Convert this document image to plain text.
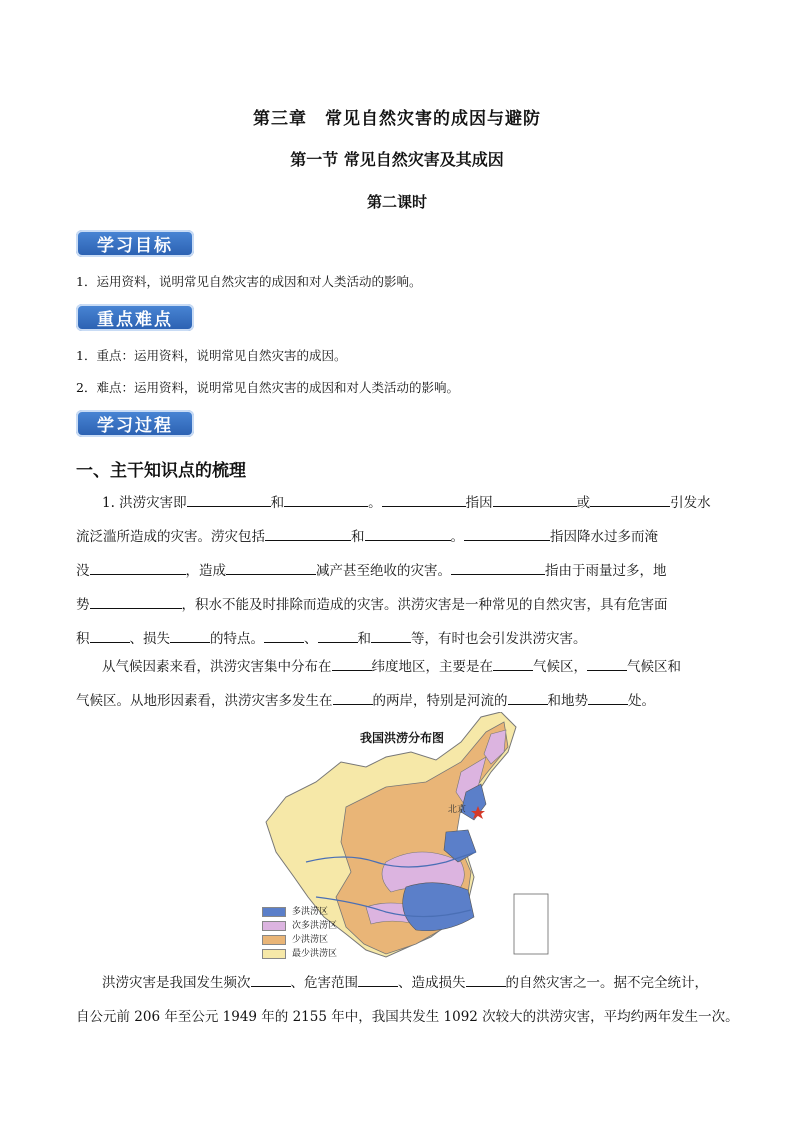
第三章　常见自然灾害的成因与避防
第一节 常见自然灾害及其成因
第二课时
学习目标
1．运用资料，说明常见自然灾害的成因和对人类活动的影响。
重点难点
1．重点：运用资料，说明常见自然灾害的成因。
2．难点：运用资料，说明常见自然灾害的成因和对人类活动的影响。
学习过程
一、主干知识点的梳理

1. 洪涝灾害即	和	。	指因	或	引发水

流泛滥所造成的灾害。涝灾包括	和	。	指因降水过多而淹

没	，造成	减产甚至绝收的灾害。	指由于雨量过多，地

势	，积水不能及时排除而造成的灾害。洪涝灾害是一种常见的自然灾害，具有危害面

积	、损失	的特点。	、	和	等，有时也会引发洪涝灾害。

从气候因素来看，洪涝灾害集中分布在	纬度地区，主要是在	气候区，	气候区和

气候区。从地形因素看，洪涝灾害多发生在	的两岸，特别是河流的	和地势	处。

北京
我国洪涝分布图
多洪涝区
次多洪涝区
少洪涝区
最少洪涝区

洪涝灾害是我国发生频次	、危害范围	、造成损失	的自然灾害之一。据不完全统计，

自公元前 206 年至公元 1949 年的 2155 年中，我国共发生 1092 次较大的洪涝灾害，平均约两年发生一次。
